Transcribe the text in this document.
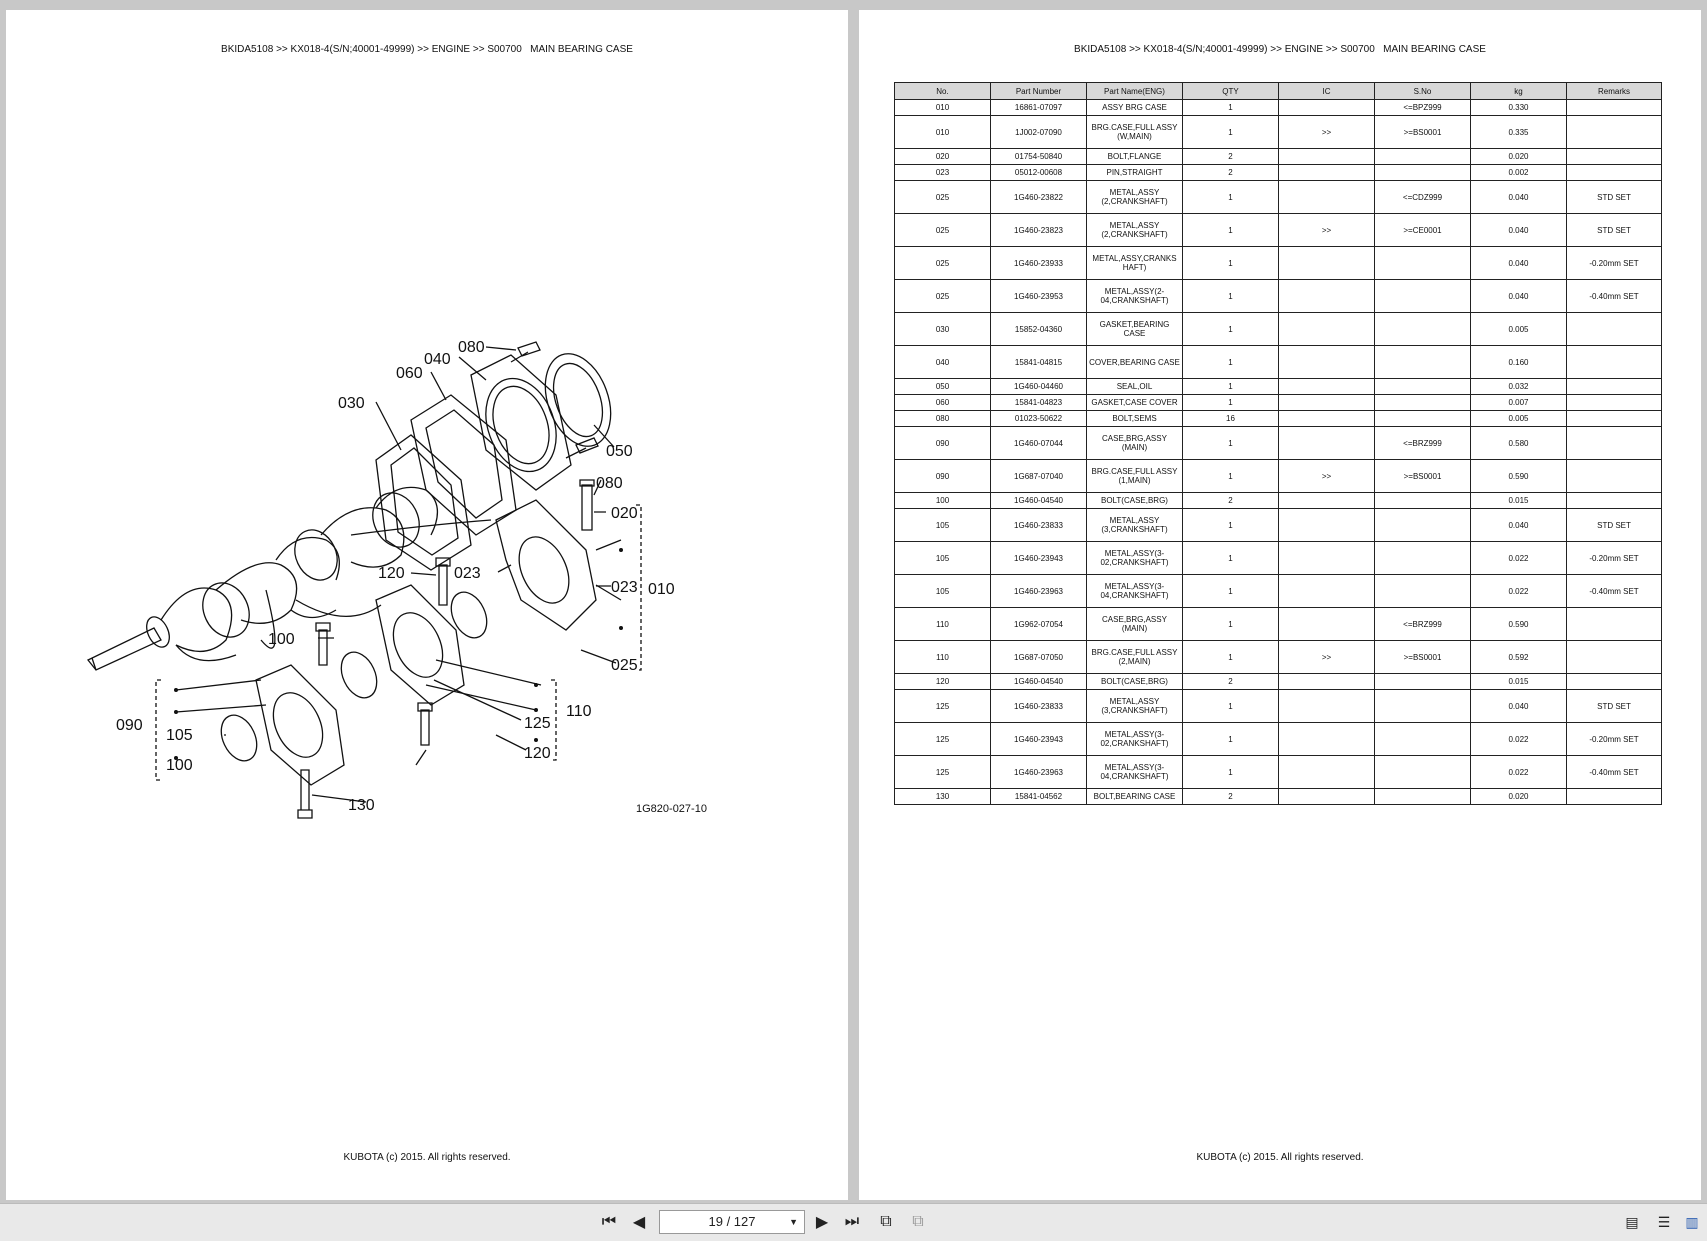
BKIDA5108 >> KX018-4(S/N;40001-49999) >> ENGINE >> S00700   MAIN BEARING CASE
080
040
060
030
050
080
020
120	023
023 010
100
025
110
090
105
125
120
100
130	1G820-027-10
KUBOTA (c) 2015. All rights reserved.
BKIDA5108 >> KX018-4(S/N;40001-49999) >> ENGINE >> S00700   MAIN BEARING CASE
No.	Part Number	Part Name(ENG)	QTY	IC	S.No	kg	Remarks
010	16861-07097	ASSY BRG CASE	1		<=BPZ999	0.330	
010	1J002-07090	BRG.CASE,FULL ASSY (W,MAIN)	1	>>	>=BS0001	0.335	
020	01754-50840	BOLT,FLANGE	2			0.020	
023	05012-00608	PIN,STRAIGHT	2			0.002	
025	1G460-23822	METAL,ASSY (2,CRANKSHAFT)	1		<=CDZ999	0.040	STD SET
025	1G460-23823	METAL,ASSY (2,CRANKSHAFT)	1	>>	>=CE0001	0.040	STD SET
025	1G460-23933	METAL,ASSY,CRANKS HAFT)	1			0.040	-0.20mm SET
025	1G460-23953	METAL,ASSY(2- 04,CRANKSHAFT)	1			0.040	-0.40mm SET
030	15852-04360	GASKET,BEARING CASE	1			0.005	
040	15841-04815	COVER,BEARING CASE	1			0.160	
050	1G460-04460	SEAL,OIL	1			0.032	
060	15841-04823	GASKET,CASE COVER	1			0.007	
080	01023-50622	BOLT,SEMS	16			0.005	
090	1G460-07044	CASE,BRG,ASSY (MAIN)	1		<=BRZ999	0.580	
090	1G687-07040	BRG.CASE,FULL ASSY (1,MAIN)	1	>>	>=BS0001	0.590	
100	1G460-04540	BOLT(CASE,BRG)	2			0.015	
105	1G460-23833	METAL,ASSY (3,CRANKSHAFT)	1			0.040	STD SET
105	1G460-23943	METAL,ASSY(3- 02,CRANKSHAFT)	1			0.022	-0.20mm SET
105	1G460-23963	METAL,ASSY(3- 04,CRANKSHAFT)	1			0.022	-0.40mm SET
110	1G962-07054	CASE,BRG,ASSY (MAIN)	1		<=BRZ999	0.590	
110	1G687-07050	BRG.CASE,FULL ASSY (2,MAIN)	1	>>	>=BS0001	0.592	
120	1G460-04540	BOLT(CASE,BRG)	2			0.015	
125	1G460-23833	METAL,ASSY (3,CRANKSHAFT)	1			0.040	STD SET
125	1G460-23943	METAL,ASSY(3- 02,CRANKSHAFT)	1			0.022	-0.20mm SET
125	1G460-23963	METAL,ASSY(3- 04,CRANKSHAFT)	1			0.022	-0.40mm SET
130	15841-04562	BOLT,BEARING CASE	2			0.020	
KUBOTA (c) 2015. All rights reserved.
⏮	◀	19 / 127	▼	▶	⏭	⧉	⧉	▤	☰	▥
